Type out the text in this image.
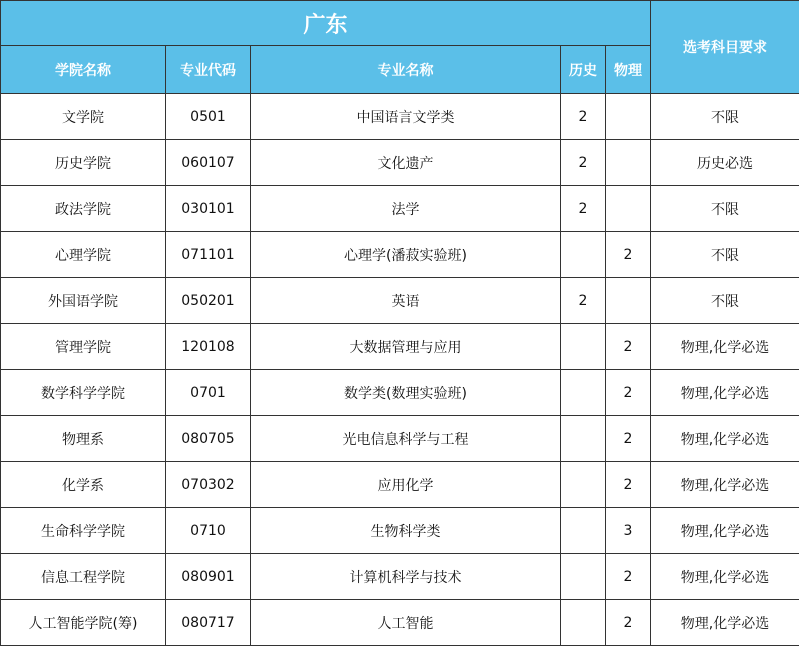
广东					选考科目要求
学院名称	专业代码	专业名称	历史	物理	
文学院	0501	中国语言文学类	2		不限
历史学院	060107	文化遗产	2		历史必选
政法学院	030101	法学	2		不限
心理学院	071101	心理学(潘菽实验班)		2	不限
外国语学院	050201	英语	2		不限
管理学院	120108	大数据管理与应用		2	物理,化学必选
数学科学学院	0701	数学类(数理实验班)		2	物理,化学必选
物理系	080705	光电信息科学与工程		2	物理,化学必选
化学系	070302	应用化学		2	物理,化学必选
生命科学学院	0710	生物科学类		3	物理,化学必选
信息工程学院	080901	计算机科学与技术		2	物理,化学必选
人工智能学院(筹)	080717	人工智能		2	物理,化学必选
